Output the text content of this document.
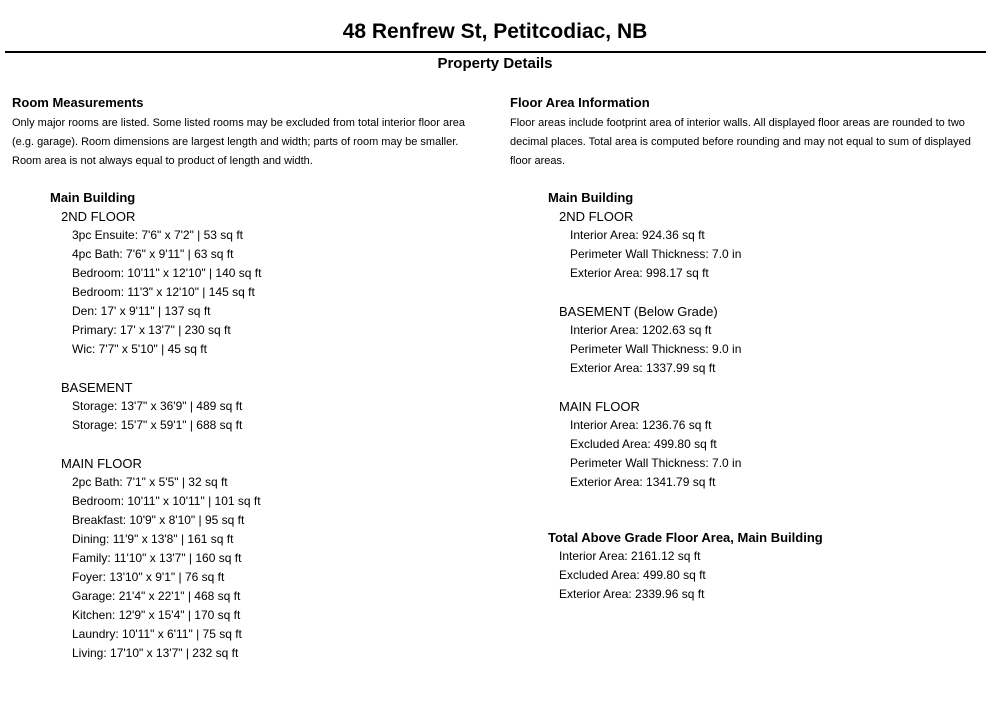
48 Renfrew St, Petitcodiac, NB
Property Details
Room Measurements
Only major rooms are listed. Some listed rooms may be excluded from total interior floor area (e.g. garage). Room dimensions are largest length and width; parts of room may be smaller. Room area is not always equal to product of length and width.
Main Building
2ND FLOOR
3pc Ensuite: 7'6" x 7'2" | 53 sq ft
4pc Bath: 7'6" x 9'11" | 63 sq ft
Bedroom: 10'11" x 12'10" | 140 sq ft
Bedroom: 11'3" x 12'10" | 145 sq ft
Den: 17' x 9'11" | 137 sq ft
Primary: 17' x 13'7" | 230 sq ft
Wic: 7'7" x 5'10" | 45 sq ft
BASEMENT
Storage: 13'7" x 36'9" | 489 sq ft
Storage: 15'7" x 59'1" | 688 sq ft
MAIN FLOOR
2pc Bath: 7'1" x 5'5" | 32 sq ft
Bedroom: 10'11" x 10'11" | 101 sq ft
Breakfast: 10'9" x 8'10" | 95 sq ft
Dining: 11'9" x 13'8" | 161 sq ft
Family: 11'10" x 13'7" | 160 sq ft
Foyer: 13'10" x 9'1" | 76 sq ft
Garage: 21'4" x 22'1" | 468 sq ft
Kitchen: 12'9" x 15'4" | 170 sq ft
Laundry: 10'11" x 6'11" | 75 sq ft
Living: 17'10" x 13'7" | 232 sq ft
Floor Area Information
Floor areas include footprint area of interior walls. All displayed floor areas are rounded to two decimal places. Total area is computed before rounding and may not equal to sum of displayed floor areas.
Main Building
2ND FLOOR
Interior Area: 924.36 sq ft
Perimeter Wall Thickness: 7.0 in
Exterior Area: 998.17 sq ft
BASEMENT (Below Grade)
Interior Area: 1202.63 sq ft
Perimeter Wall Thickness: 9.0 in
Exterior Area: 1337.99 sq ft
MAIN FLOOR
Interior Area: 1236.76 sq ft
Excluded Area: 499.80 sq ft
Perimeter Wall Thickness: 7.0 in
Exterior Area: 1341.79 sq ft
Total Above Grade Floor Area, Main Building
Interior Area: 2161.12 sq ft
Excluded Area: 499.80 sq ft
Exterior Area: 2339.96 sq ft
